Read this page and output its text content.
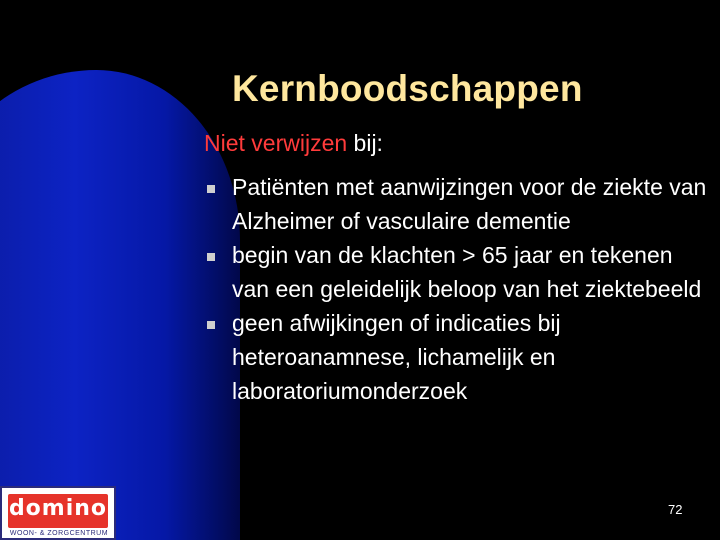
Kernboodschappen
Niet verwijzen bij:
Patiënten met aanwijzingen voor de ziekte van Alzheimer of vasculaire dementie
begin van de klachten > 65 jaar en tekenen van een geleidelijk beloop van het ziektebeeld
geen afwijkingen of indicaties bij heteroanamnese, lichamelijk en laboratoriumonderzoek
72
domino
WOON- & ZORGCENTRUM
